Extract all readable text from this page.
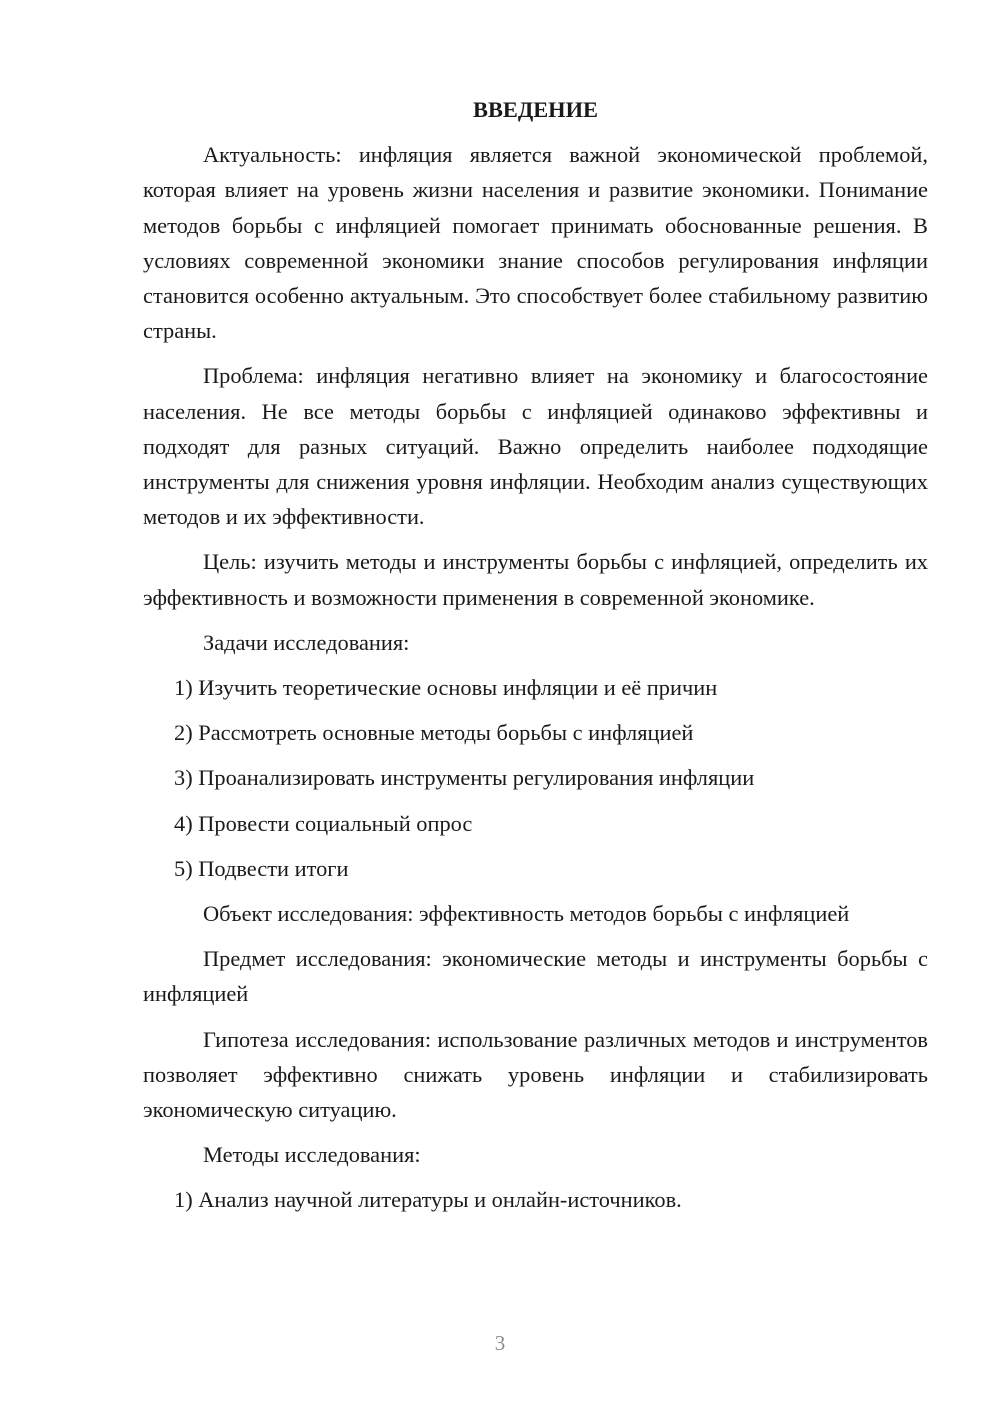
ВВЕДЕНИЕ

Актуальность: инфляция является важной экономической проблемой, которая влияет на уровень жизни населения и развитие экономики. Понимание методов борьбы с инфляцией помогает принимать обоснованные решения. В условиях современной экономики знание способов регулирования инфляции становится особенно актуальным. Это способствует более стабильному развитию страны.

Проблема: инфляция негативно влияет на экономику и благосостояние населения. Не все методы борьбы с инфляцией одинаково эффективны и подходят для разных ситуаций. Важно определить наиболее подходящие инструменты для снижения уровня инфляции. Необходим анализ существующих методов и их эффективности.

Цель: изучить методы и инструменты борьбы с инфляцией, определить их эффективность и возможности применения в современной экономике.

Задачи исследования:

1) Изучить теоретические основы инфляции и её причин
2) Рассмотреть основные методы борьбы с инфляцией
3) Проанализировать инструменты регулирования инфляции
4) Провести социальный опрос
5) Подвести итоги

Объект исследования: эффективность методов борьбы с инфляцией

Предмет исследования: экономические методы и инструменты борьбы с инфляцией

Гипотеза исследования: использование различных методов и инструментов позволяет эффективно снижать уровень инфляции и стабилизировать экономическую ситуацию.

Методы исследования:

1) Анализ научной литературы и онлайн-источников.
3
